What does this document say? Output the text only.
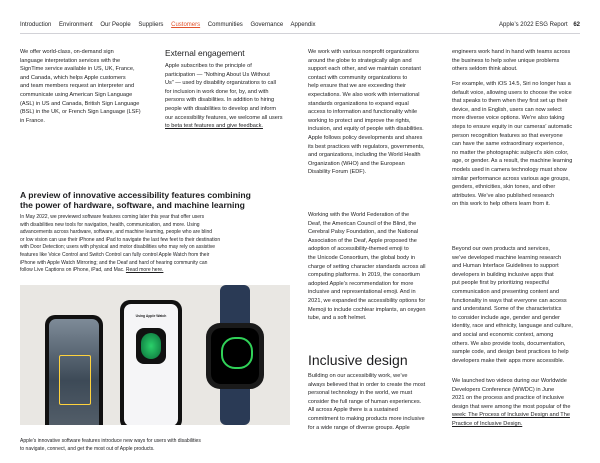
Introduction Environment Our People Suppliers Customers Communities Governance Appendix	Apple’s 2022 ESG Report 62

We offer world-class, on-demand sign
language interpretation services with the
SignTime service available in US, UK, France,
and Canada, which helps Apple customers
and team members request an interpreter and
communicate using American Sign Language
(ASL) in US and Canada, British Sign Language
(BSL) in the UK, or French Sign Language (LSF)
in France.

A preview of innovative accessibility features combining
the power of hardware, software, and machine learning

In May 2022, we previewed software features coming later this year that offer users
with disabilities new tools for navigation, health, communication, and more. Using
advancements across hardware, software, and machine learning, people who are blind
or low vision can use their iPhone and iPad to navigate the last few feet to their destination
with Door Detection; users with physical and motor disabilities who may rely on assistive
features like Voice Control and Switch Control can fully control Apple Watch from their
iPhone with Apple Watch Mirroring; and the Deaf and hard of hearing community can
follow Live Captions on iPhone, iPad, and Mac. Read more here.

Using Apple Watch

Apple’s innovative software features introduce new ways for users with disabilities
to navigate, connect, and get the most out of Apple products.

External engagement

Apple subscribes to the principle of
participation — “Nothing About Us Without
Us” — used by disability organizations to call
for inclusion in work done for, by, and with
persons with disabilities. In addition to hiring
people with disabilities to develop and inform
our accessibility features, we welcome all users
to beta test features and give feedback.

We work with various nonprofit organizations
around the globe to strategically align and
support each other, and we maintain constant
contact with community organizations to
help ensure that we are exceeding their
expectations. We also work with international
standards organizations to expand equal
access to information and functionality while
working to protect and improve the rights,
inclusion, and equity of people with disabilities.
Apple follows policy developments and shares
its best practices with regulators, governments,
and organizations, including the World Health
Organization (WHO) and the European
Disability Forum (EDF).

Working with the World Federation of the
Deaf, the American Council of the Blind, the
Cerebral Palsy Foundation, and the National
Association of the Deaf, Apple proposed the
adoption of accessibility-themed emoji to
the Unicode Consortium, the global body in
charge of setting character standards across all
computing platforms. In 2019, the consortium
adopted Apple’s recommendation for more
inclusive and representational emoji. And in
2021, we expanded the accessibility options for
Memoji to include cochlear implants, an oxygen
tube, and a soft helmet.

Inclusive design

Building on our accessibility work, we’ve
always believed that in order to create the most
personal technology in the world, we must
consider the full range of human experiences.
All across Apple there is a sustained
commitment to making products more inclusive
for a wide range of diverse groups. Apple

engineers work hand in hand with teams across
the business to help solve unique problems
others seldom think about.

For example, with iOS 14.5, Siri no longer has a
default voice, allowing users to choose the voice
that speaks to them when they first set up their
device, and in English, users can now select
more diverse voice options. We’re also taking
steps to ensure equity in our cameras’ automatic
person recognition features so that everyone
can have the same extraordinary experience,
no matter the photographic subject’s skin color,
age, or gender. As a result, the machine learning
models used in camera technology must show
similar performance across various age groups,
genders, ethnicities, skin tones, and other
attributes. We’ve also published research
on this work to help others learn from it.

Beyond our own products and services,
we’ve developed machine learning research
and Human Interface Guidelines to support
developers in building inclusive apps that
put people first by prioritizing respectful
communication and presenting content and
functionality in ways that everyone can access
and understand. Some of the characteristics
to consider include age, gender and gender
identity, race and ethnicity, language and culture,
and social and economic context, among
others. We also provide tools, documentation,
sample code, and design best practices to help
developers make their apps more accessible.

We launched two videos during our Worldwide
Developers Conference (WWDC) in June
2021 on the process and practice of inclusive
design that were among the most popular of the
week: The Process of Inclusive Design and The
Practice of Inclusive Design.
